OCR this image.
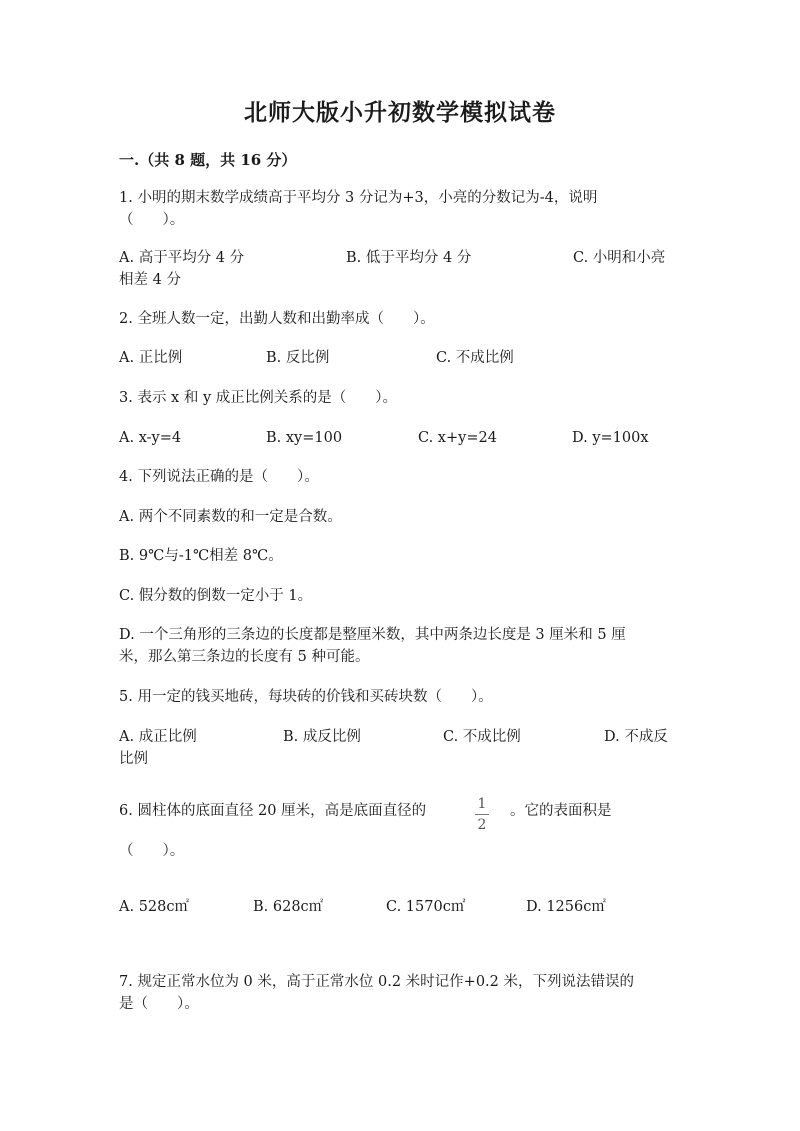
北师大版小升初数学模拟试卷
一.（共 8 题，共 16 分）
1. 小明的期末数学成绩高于平均分 3 分记为+3，小亮的分数记为-4，说明
（　　）。
A. 高于平均分 4 分	B. 低于平均分 4 分	C. 小明和小亮
相差 4 分
2. 全班人数一定，出勤人数和出勤率成（　　）。
A. 正比例	B. 反比例	C. 不成比例
3. 表示 x 和 y 成正比例关系的是（　　）。
A. x-y=4	B. xy=100	C. x+y=24	D. y=100x
4. 下列说法正确的是（　　）。
A. 两个不同素数的和一定是合数。
B. 9℃与-1℃相差 8℃。
C. 假分数的倒数一定小于 1。
D. 一个三角形的三条边的长度都是整厘米数，其中两条边长度是 3 厘米和 5 厘
米，那么第三条边的长度有 5 种可能。
5. 用一定的钱买地砖，每块砖的价钱和买砖块数（　　）。
A. 成正比例	B. 成反比例	C. 不成比例	D. 不成反
比例
6. 圆柱体的底面直径 20 厘米，高是底面直径的	1
2
。它的表面积是
（　　）。
A. 528c㎡	B. 628c㎡	C. 1570c㎡	D. 1256c㎡
7. 规定正常水位为 0 米，高于正常水位 0.2 米时记作+0.2 米，下列说法错误的
是（　　）。
